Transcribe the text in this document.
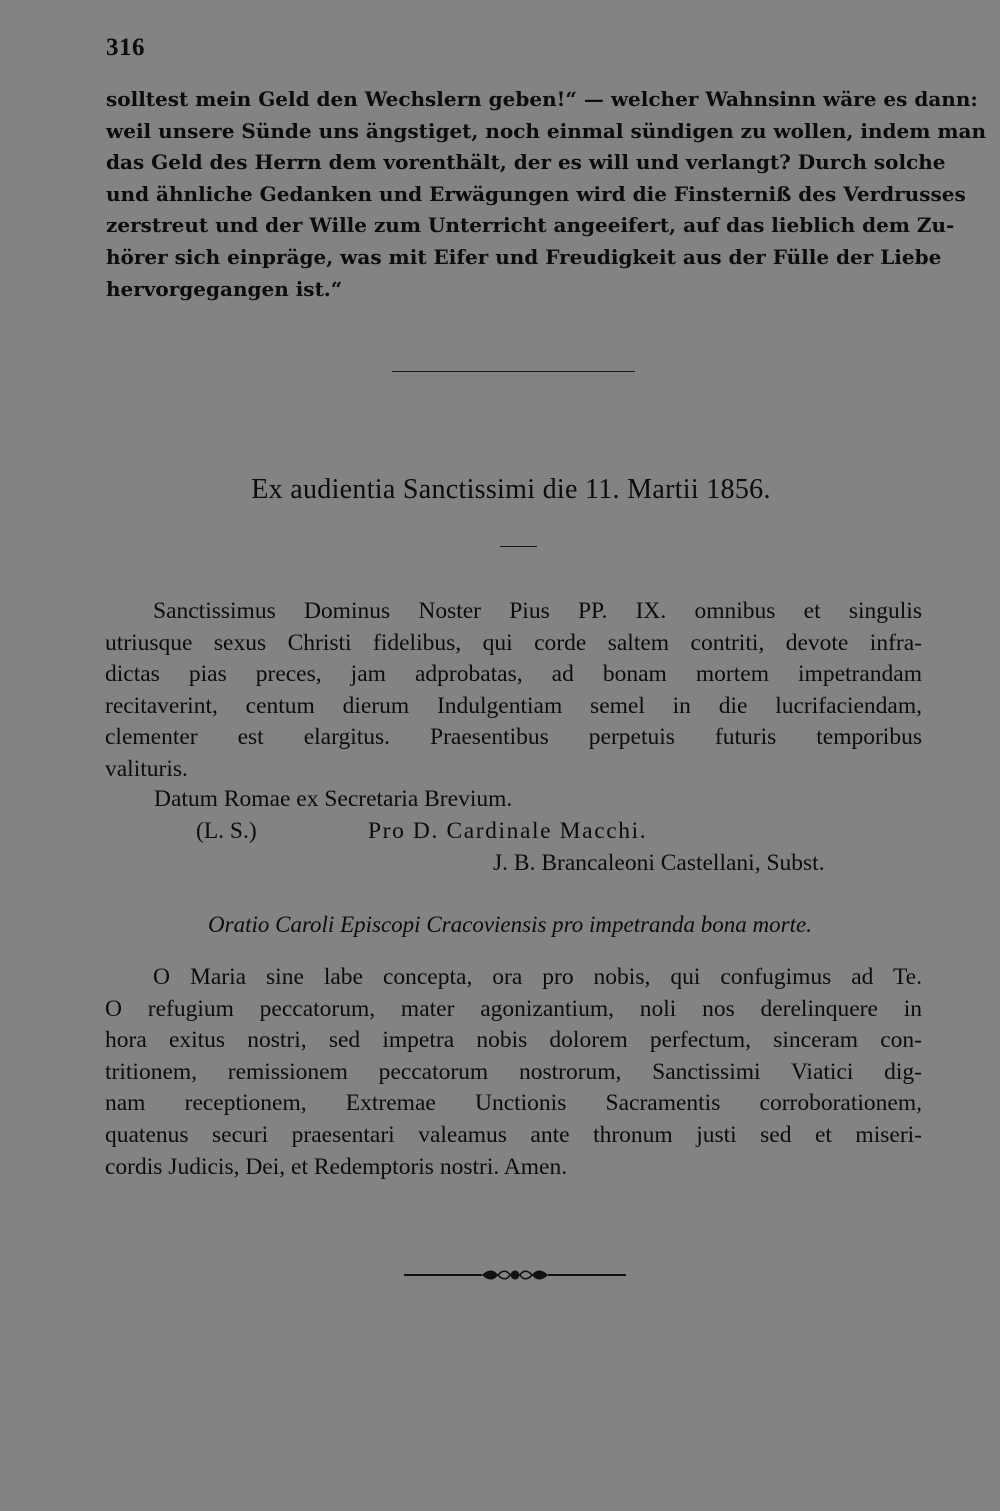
316
solltest mein Geld den Wechslern geben!“ — welcher Wahnsinn wäre es dann:
weil unsere Sünde uns ängstiget, noch einmal sündigen zu wollen, indem man
das Geld des Herrn dem vorenthält, der es will und verlangt? Durch solche
und ähnliche Gedanken und Erwägungen wird die Finsterniß des Verdrusses
zerstreut und der Wille zum Unterricht angeeifert, auf das lieblich dem Zu-
hörer sich einpräge, was mit Eifer und Freudigkeit aus der Fülle der Liebe
hervorgegangen ist.“
Ex audientia Sanctissimi die 11. Martii 1856.
Sanctissimus Dominus Noster Pius PP. IX. omnibus et singulis
utriusque sexus Christi fidelibus, qui corde saltem contriti, devote infra-
dictas pias preces, jam adprobatas, ad bonam mortem impetrandam
recitaverint, centum dierum Indulgentiam semel in die lucrifaciendam,
clementer est elargitus. Praesentibus perpetuis futuris temporibus
valituris.
Datum Romae ex Secretaria Brevium.
(L. S.)	Pro D. Cardinale Macchi.
J. B. Brancaleoni Castellani, Subst.
Oratio Caroli Episcopi Cracoviensis pro impetranda bona morte.
O Maria sine labe concepta, ora pro nobis, qui confugimus ad Te.
O refugium peccatorum, mater agonizantium, noli nos derelinquere in
hora exitus nostri, sed impetra nobis dolorem perfectum, sinceram con-
tritionem, remissionem peccatorum nostrorum, Sanctissimi Viatici dig-
nam receptionem, Extremae Unctionis Sacramentis corroborationem,
quatenus securi praesentari valeamus ante thronum justi sed et miseri-
cordis Judicis, Dei, et Redemptoris nostri. Amen.
